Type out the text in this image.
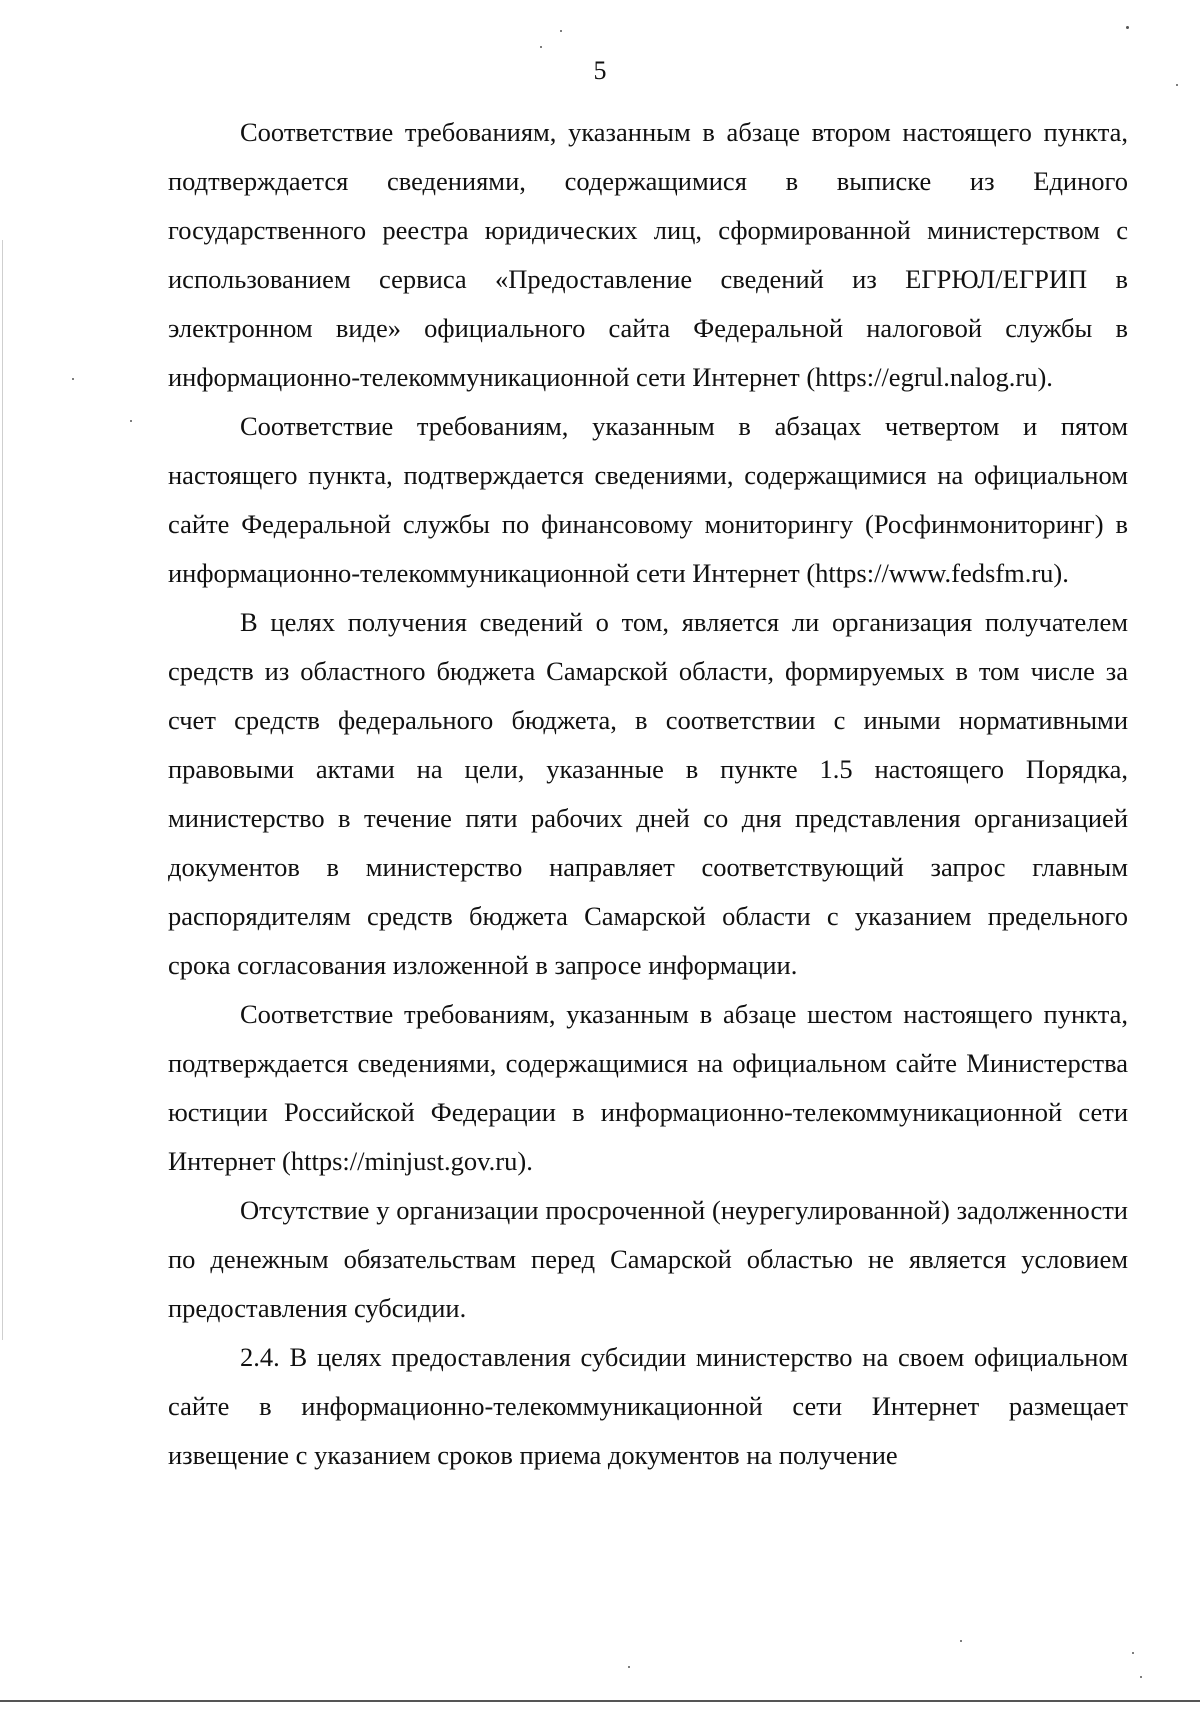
5

Соответствие требованиям, указанным в абзаце втором настоящего пункта, подтверждается сведениями, содержащимися в выписке из Единого государственного реестра юридических лиц, сформированной министерством с использованием сервиса «Предоставление сведений из ЕГРЮЛ/ЕГРИП в электронном виде» официального сайта Федеральной налоговой службы в информационно-телекоммуникационной сети Интернет (https://egrul.nalog.ru).

Соответствие требованиям, указанным в абзацах четвертом и пятом настоящего пункта, подтверждается сведениями, содержащимися на официальном сайте Федеральной службы по финансовому мониторингу (Росфинмониторинг) в информационно-телекоммуникационной сети Интернет (https://www.fedsfm.ru).

В целях получения сведений о том, является ли организация получателем средств из областного бюджета Самарской области, формируемых в том числе за счет средств федерального бюджета, в соответствии с иными нормативными правовыми актами на цели, указанные в пункте 1.5 настоящего Порядка, министерство в течение пяти рабочих дней со дня представления организацией документов в министерство направляет соответствующий запрос главным распорядителям средств бюджета Самарской области с указанием предельного срока согласования изложенной в запросе информации.

Соответствие требованиям, указанным в абзаце шестом настоящего пункта, подтверждается сведениями, содержащимися на официальном сайте Министерства юстиции Российской Федерации в информационно-телекоммуникационной сети Интернет (https://minjust.gov.ru).

Отсутствие у организации просроченной (неурегулированной) задолженности по денежным обязательствам перед Самарской областью не является условием предоставления субсидии.

2.4. В целях предоставления субсидии министерство на своем официальном сайте в информационно-телекоммуникационной сети Интернет размещает извещение с указанием сроков приема документов на получение
